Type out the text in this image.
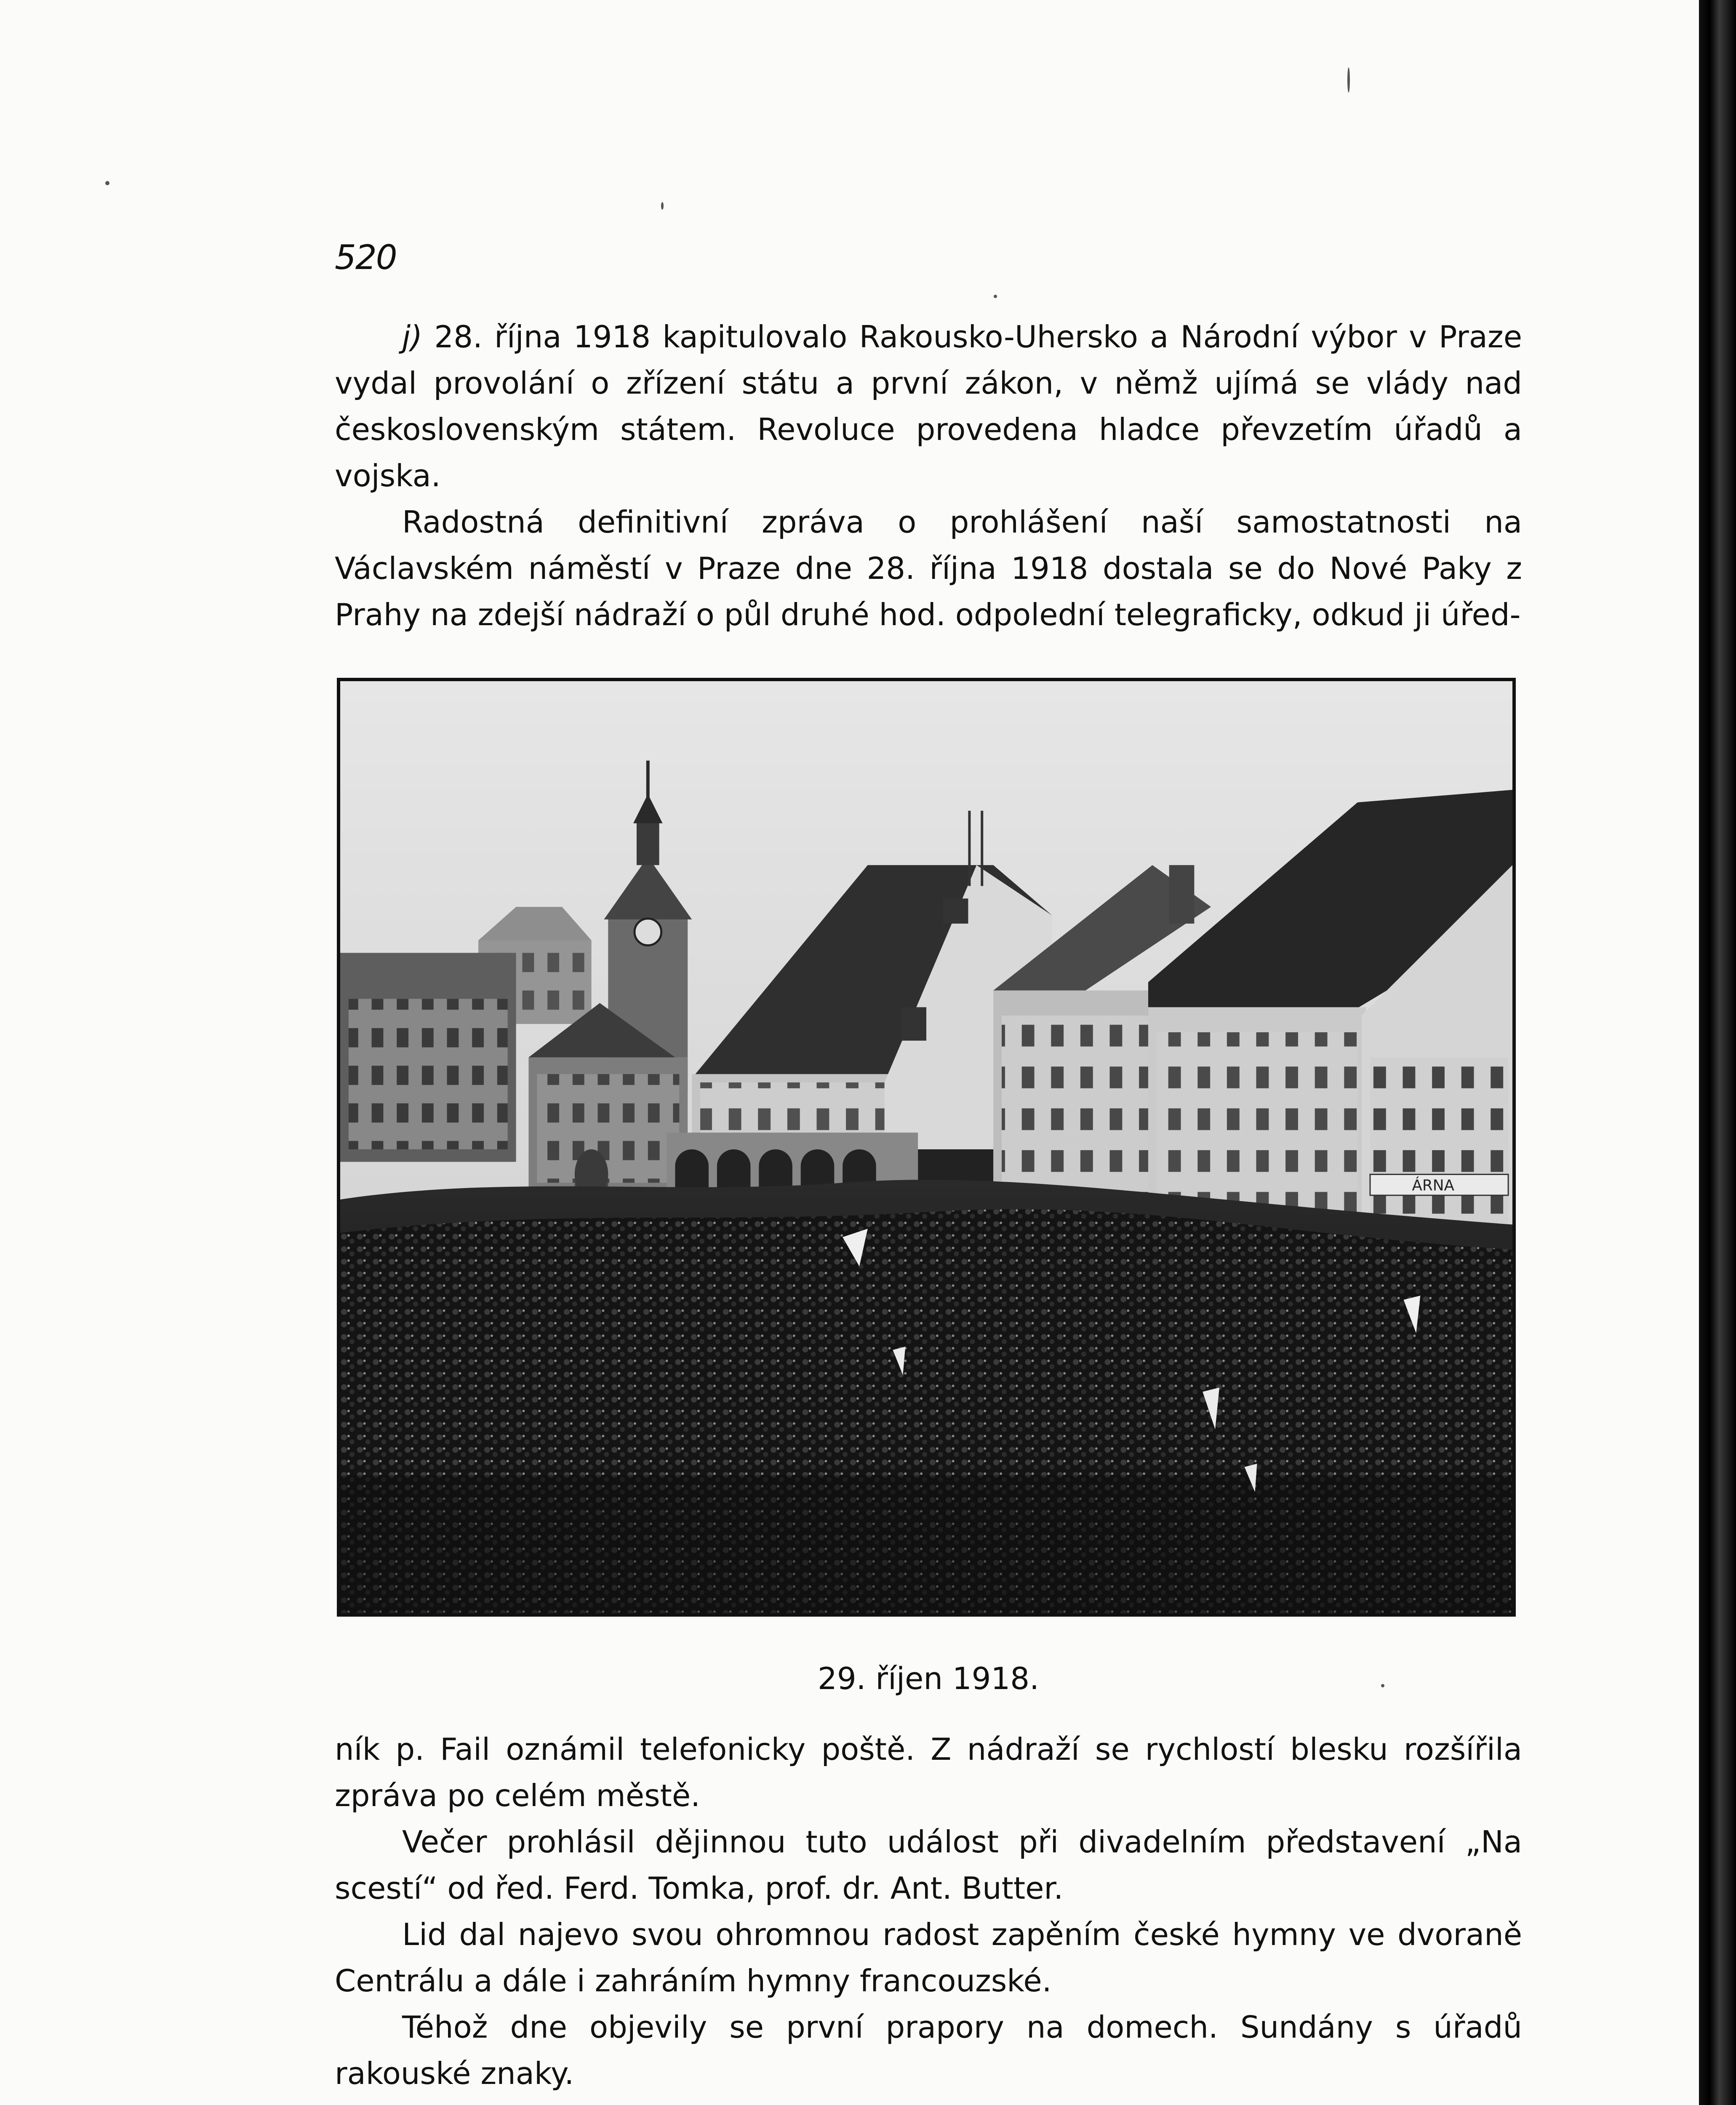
520

j) 28. října 1918 kapitulovalo Rakousko-Uhersko a Národní výbor v Praze vydal provolání o zřízení státu a první zákon, v němž ujímá se vlády nad československým státem. Revoluce provedena hladce převzetím úřadů a vojska.

Radostná definitivní zpráva o prohlášení naší samostatnosti na Václavském náměstí v Praze dne 28. října 1918 dostala se do Nové Paky z Prahy na zdejší nádraží o půl druhé hod. odpolední telegraficky, odkud ji úřed-

ÁRNA
29. říjen 1918.

ník p. Fail oznámil telefonicky poště. Z nádraží se rychlostí blesku rozšířila zpráva po celém městě.

Večer prohlásil dějinnou tuto událost při divadelním představení „Na scestí“ od řed. Ferd. Tomka, prof. dr. Ant. Butter.

Lid dal najevo svou ohromnou radost zapěním české hymny ve dvoraně Centrálu a dále i zahráním hymny francouzské.

Téhož dne objevily se první prapory na domech. Sundány s úřadů rakouské znaky.
